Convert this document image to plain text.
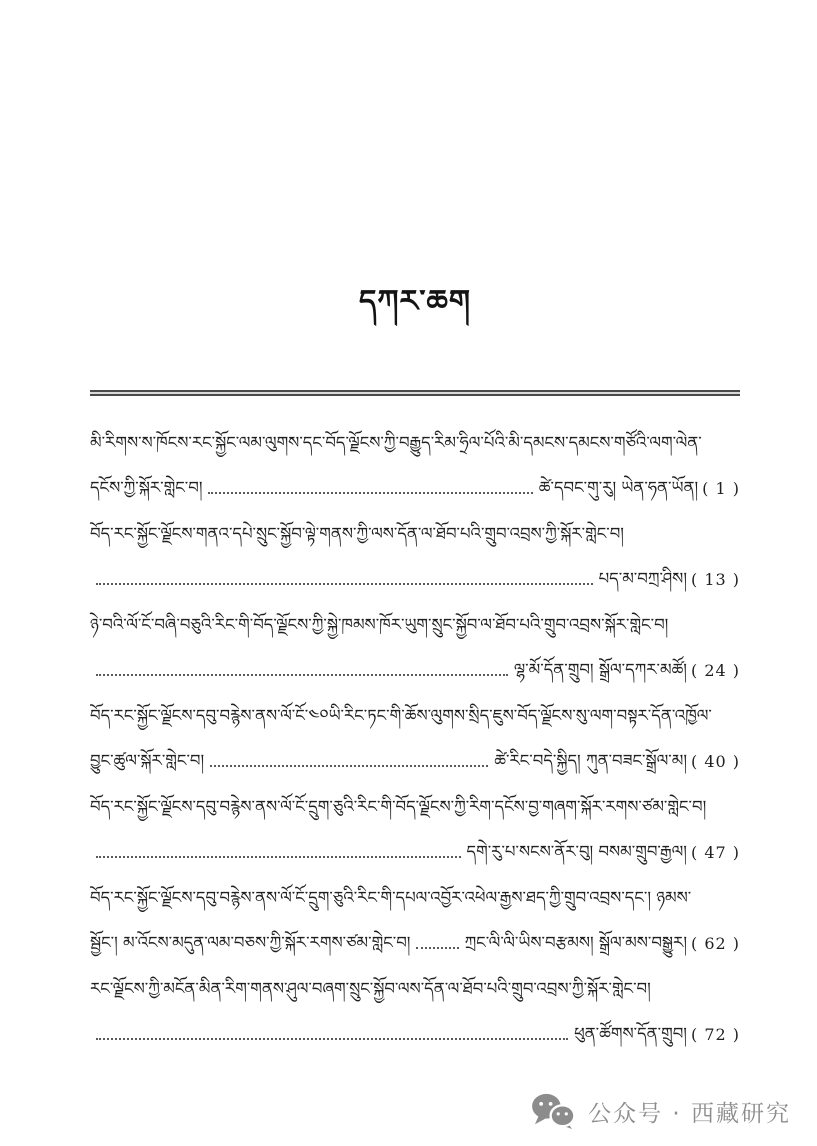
དཀར་ཆག
མི་རིགས་ས་ཁོངས་རང་སྐྱོང་ལམ་ལུགས་དང་བོད་ལྗོངས་ཀྱི་བརྒྱུད་རིམ་ཧྲིལ་པོའི་མི་དམངས་དམངས་གཙོའི་ལག་ལེན་
དངོས་ཀྱི་སྐོར་གླེང་བ།	ཚེ་དབང་གུ་རུ། ཡེན་ཧན་ཡོན། ( 1 )
བོད་རང་སྐྱོང་ལྗོངས་གནའ་དཔེ་སྲུང་སྐྱོབ་ལྟེ་གནས་ཀྱི་ལས་དོན་ལ་ཐོབ་པའི་གྲུབ་འབྲས་ཀྱི་སྐོར་གླེང་བ།
པད་མ་བཀྲ་ཤིས། ( 13 )
ཉེ་བའི་ལོ་ངོ་བཞི་བཅུའི་རིང་གི་བོད་ལྗོངས་ཀྱི་སྐྱེ་ཁམས་ཁོར་ཡུག་སྲུང་སྐྱོབ་ལ་ཐོབ་པའི་གྲུབ་འབྲས་སྐོར་གླེང་བ།
ལྷ་མོ་དོན་གྲུབ། སྒྲོལ་དཀར་མཚོ། ( 24 )
བོད་རང་སྐྱོང་ལྗོངས་དབུ་བརྙེས་ནས་ལོ་ངོ་༤༠ཡི་རིང་ཏང་གི་ཆོས་ལུགས་སྲིད་ཇུས་བོད་ལྗོངས་སུ་ལག་བསྟར་དོན་འཁྱོལ་
བྱུང་ཚུལ་སྐོར་གླེང་བ།	ཚེ་རིང་བདེ་སྐྱིད། ཀུན་བཟང་སྒྲོལ་མ། ( 40 )
བོད་རང་སྐྱོང་ལྗོངས་དབུ་བརྙེས་ནས་ལོ་ངོ་དྲུག་ཅུའི་རིང་གི་བོད་ལྗོངས་ཀྱི་རིག་དངོས་བྱ་གཞག་སྐོར་རགས་ཙམ་གླེང་བ།
དགེ་རུ་པ་སངས་ནོར་བུ། བསམ་གྲུབ་རྒྱལ། ( 47 )
བོད་རང་སྐྱོང་ལྗོངས་དབུ་བརྙེས་ནས་ལོ་ངོ་དྲུག་ཅུའི་རིང་གི་དཔལ་འབྱོར་འཕེལ་རྒྱས་ཐད་ཀྱི་གྲུབ་འབྲས་དང་། ཉམས་
སྦྱོང་། མ་འོངས་མདུན་ལམ་བཅས་ཀྱི་སྐོར་རགས་ཙམ་གླེང་བ།	ཀྲང་ལི་ལི་ཡིས་བརྩམས། སྒྲོལ་མས་བསྒྱུར། ( 62 )
རང་ལྗོངས་ཀྱི་མངོན་མིན་རིག་གནས་ཤུལ་བཞག་སྲུང་སྐྱོབ་ལས་དོན་ལ་ཐོབ་པའི་གྲུབ་འབྲས་ཀྱི་སྐོར་གླེང་བ།
ཕུན་ཚོགས་དོན་གྲུབ། ( 72 )
公众号 · 西藏研究
